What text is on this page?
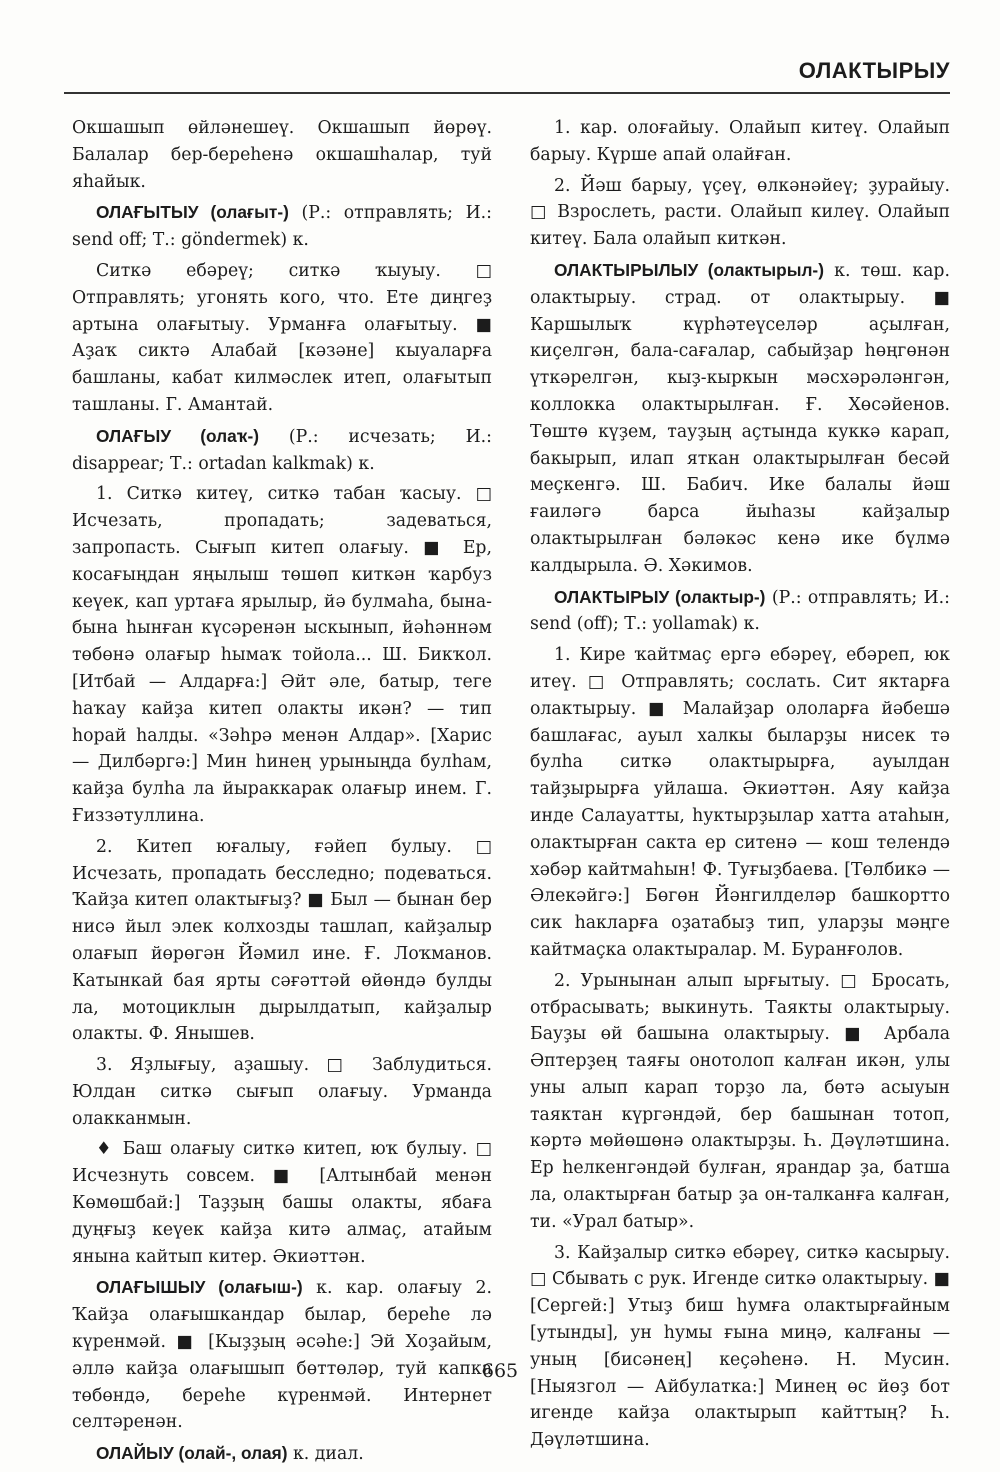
ОЛАКТЫРЫУ

Окшашып өйләнешеү. Окшашып йөрөү. Балалар бер-береһенә окшашһалар, туй яһайык.

ОЛАҒЫТЫУ (олағыт-) (Р.: отправлять; И.: send off; Т.: göndermek) к.

Ситкә ебәреү; ситкә ҡыуыу. □ Отправлять; угонять кого, что. Ете диңгеҙ артына олағытыу. Урманға олағытыу. ■ Аҙаҡ сиктә Алабай [кәзәне] кыуаларға башланы, кабат килмәслек итеп, олағытып ташланы. Г. Амантай.

ОЛАҒЫУ (олаҡ-) (Р.: исчезать; И.: disappear; Т.: ortadan kalkmak) к.

1. Ситкә китеү, ситкә табан ҡасыу. □ Исчезать, пропадать; задеваться, запропасть. Сығып китеп олағыу. ■ Ер, косағыңдан яңылыш төшөп киткән ҡарбуз кеүек, кап уртаға ярылыр, йә булмаһа, бына-бына һынған күсәренән ыскынып, йәһәннәм төбөнә олағыр һымаҡ тойола... Ш. Бикҡол. [Итбай — Алдарға:] Әйт әле, батыр, теге һаҡау кайҙа китеп олакты икән? — тип һорай һалды. «Зәһрә менән Алдар». [Харис — Дилбәргә:] Мин һинең урыныңда булһам, кайҙа булһа ла йыраккарак олағыр инем. Г. Ғиззәтуллина.

2. Китеп юғалыу, ғәйеп булыу. □ Исчезать, пропадать бесследно; подеваться. Ҡайҙа китеп олактығыҙ? ■ Был — бынан бер нисә йыл элек колхозды ташлап, кайҙалыр олағып йөрөгән Йәмил ине. Ғ. Лоҡманов. Катынкай бая ярты сәғәттәй өйөндә булды ла, мотоциклын дырылдатып, кайҙалыр олакты. Ф. Янышев.

3. Яҙлығыу, аҙашыу. □ Заблудиться. Юлдан ситкә сығып олағыу. Урманда олакканмын.

♦ Баш олағыу ситкә китеп, юҡ булыу. □ Исчезнуть совсем. ■ [Алтынбай менән Көмөшбай:] Таҙҙың башы олакты, ябаға дуңғыҙ кеүек кайҙа китә алмаҫ, атайым янына кайтып китер. Әкиәттән.

ОЛАҒЫШЫУ (олағыш-) к. кар. олағыу 2. Ҡайҙа олағышкандар былар, береһе лә күренмәй. ■ [Кыҙҙың әсәһе:] Эй Хоҙайым, әллә кайҙа олағышып бөттөләр, туй капка төбөндә, береһе күренмәй. Интернет селтәренән.

ОЛАЙЫУ (олай-, олая) к. диал.

1. кар. олоғайыу. Олайып китеү. Олайып барыу. Күрше апай олайған.

2. Йәш барыу, үҫеү, өлкәнәйеү; ҙурайыу. □ Взрослеть, расти. Олайып килеү. Олайып китеү. Бала олайып киткән.

ОЛАКТЫРЫЛЫУ (олактырыл-) к. төш. кар. олактырыу. страд. от олактырыу. ■ Каршылыҡ күрһәтеүселәр аҫылған, киҫелгән, бала-сағалар, сабыйҙар һөңгөнән үткәрелгән, кыҙ-кыркын мәсхәрәләнгән, коллокка олактырылған. Ғ. Хөсәйенов. Төштө күҙем, тауҙың аҫтында куккә карап, бакырып, илап яткан олактырылған бесәй меҫкенгә. Ш. Бабич. Ике балалы йәш ғаиләгә барса йыһазы кайҙалыр олактырылған бәләкәс кенә ике бүлмә калдырыла. Ә. Хәкимов.

ОЛАКТЫРЫУ (олактыр-) (Р.: отправлять; И.: send (off); Т.: yollamak) к.

1. Кире ҡайтмаҫ ергә ебәреү, ебәреп, юк итеү. □ Отправлять; сослать. Сит яктарға олактырыу. ■ Малайҙар ололарға йәбешә башлағас, ауыл халкы быларҙы нисек тә булһа ситкә олактырырға, ауылдан тайҙырырға уйлаша. Әкиәттән. Аяу кайҙа инде Салауатты, һуктырҙылар хатта атаһын, олактырған сакта ер ситенә — кош телендә хәбәр кайтмаһын! Ф. Туғыҙбаева. [Төлбикә — Әлекәйгә:] Бөгөн Йәнгилделәр башкортто сик һакларға оҙатабыҙ тип, уларҙы мәңге кайтмаҫка олактыралар. М. Буранғолов.

2. Урынынан алып ырғытыу. □ Бросать, отбрасывать; выкинуть. Таякты олактырыу. Бауҙы өй башына олактырыу. ■ Арбала Әптерҙең таяғы онотолоп калған икән, улы уны алып карап торҙо ла, бөтә асыуын таяктан күргәндәй, бер башынан тотоп, кәртә мөйөшөнә олактырҙы. Һ. Дәүләтшина. Ер һелкенгәндәй булған, ярандар ҙа, батша ла, олактырған батыр ҙа он-талканға калған, ти. «Урал батыр».

3. Кайҙалыр ситкә ебәреү, ситкә касырыу. □ Сбывать с рук. Игенде ситкә олактырыу. ■ [Сергей:] Утыҙ биш һумға олактырғайным [утынды], ун һумы ғына миңә, калғаны — уның [бисәнең] кеҫәһенә. Н. Мусин. [Ныязгол — Айбулатка:] Минең өс йөҙ бот игенде кайҙа олактырып кайттың? Һ. Дәүләтшина.

665
